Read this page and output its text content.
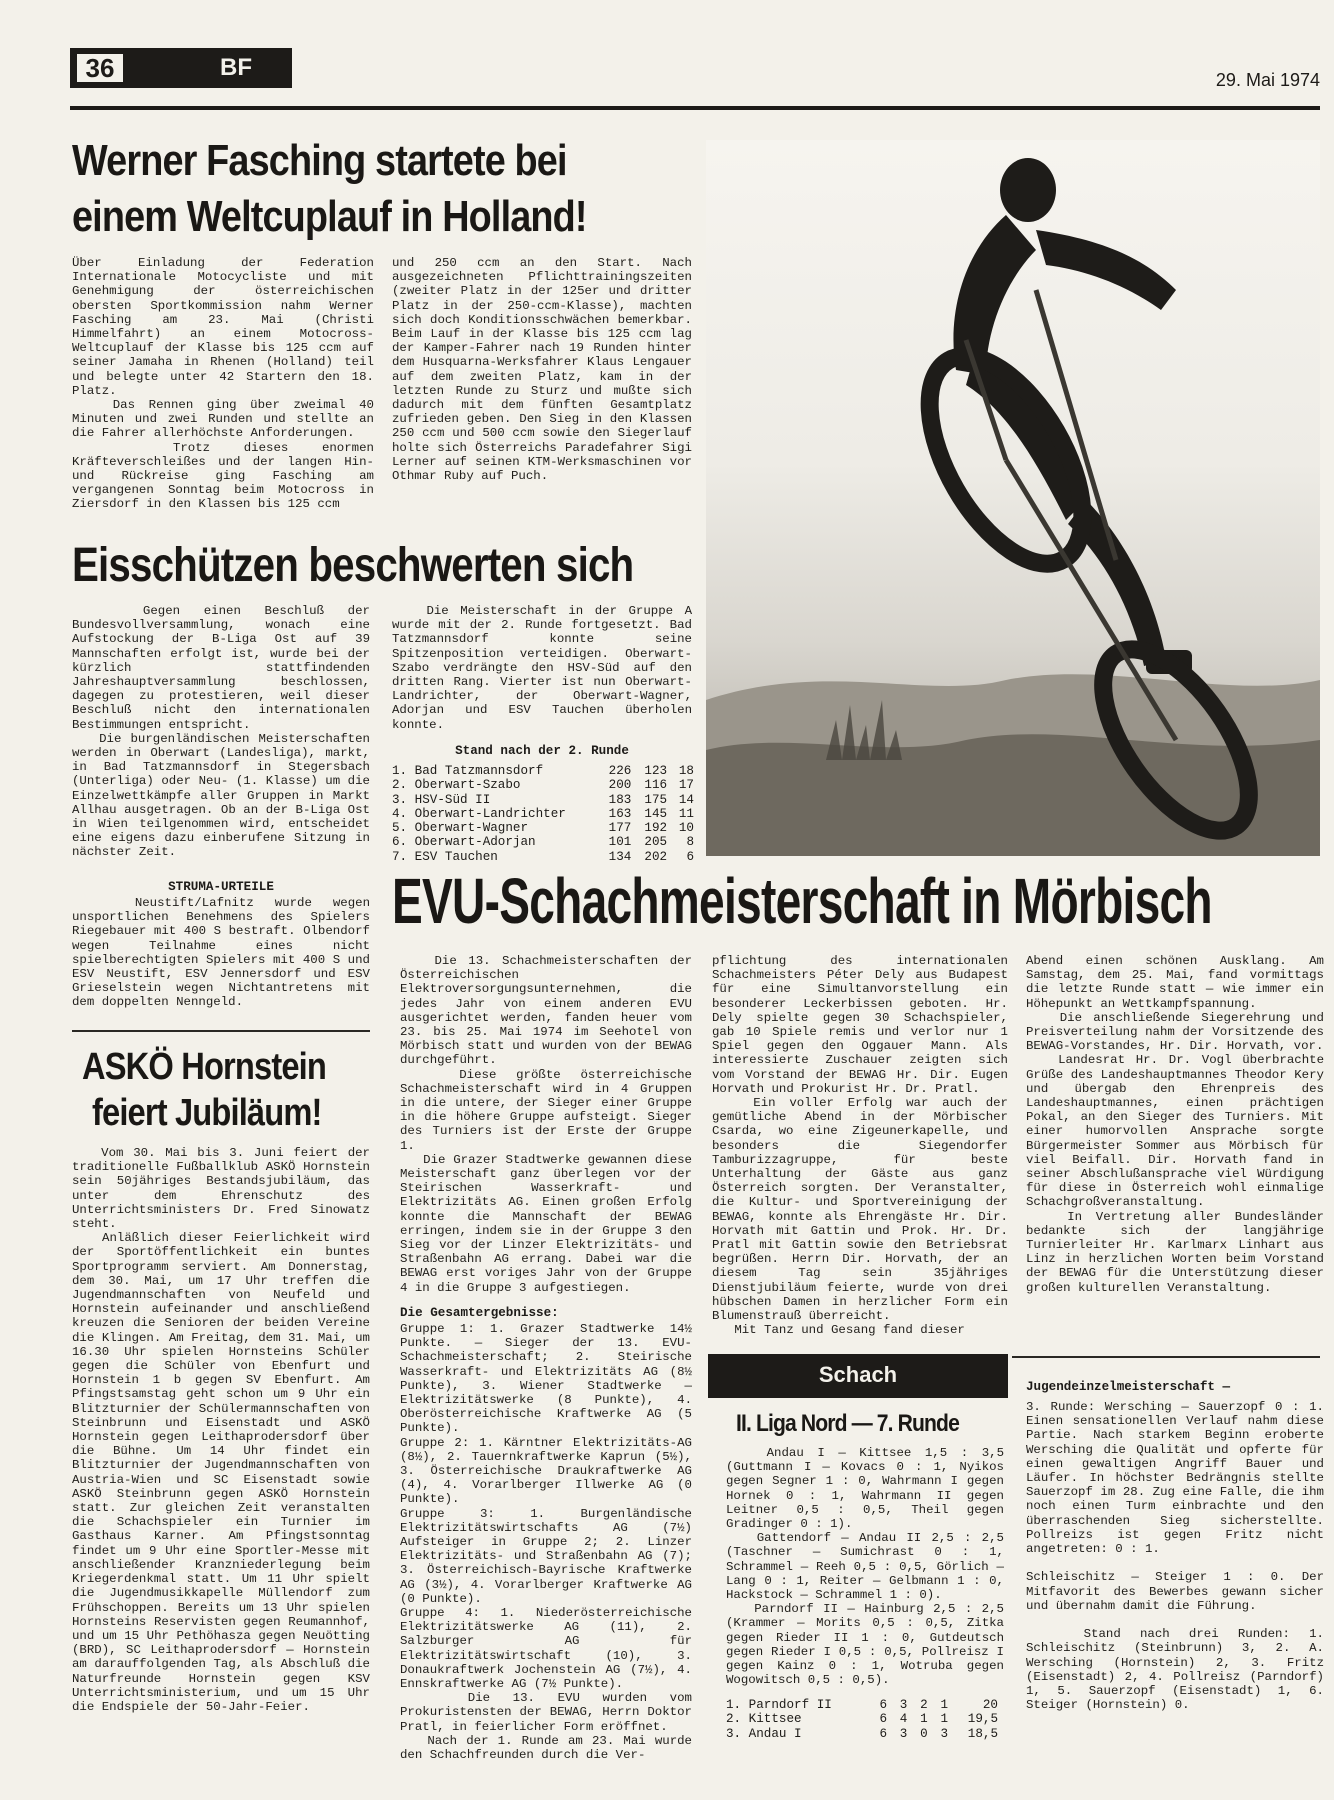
36	BF	29. Mai 1974
Werner Fasching startete bei
einem Weltcuplauf in Holland!
Über Einladung der Federation Internationale Motocycliste und mit Genehmigung der österreichischen obersten Sportkommission nahm Werner Fasching am 23. Mai (Christi Himmelfahrt) an einem Motocross-Weltcuplauf der Klasse bis 125 ccm auf seiner Jamaha in Rhenen (Holland) teil und belegte unter 42 Startern den 18. Platz.
Das Rennen ging über zweimal 40 Minuten und zwei Runden und stellte an die Fahrer allerhöchste Anforderungen.
Trotz dieses enormen Kräfteverschleißes und der langen Hin- und Rückreise ging Fasching am vergangenen Sonntag beim Motocross in Ziersdorf in den Klassen bis 125 ccm
und 250 ccm an den Start. Nach ausgezeichneten Pflichttrainingszeiten (zweiter Platz in der 125er und dritter Platz in der 250-ccm-Klasse), machten sich doch Konditionsschwächen bemerkbar. Beim Lauf in der Klasse bis 125 ccm lag der Kamper-Fahrer nach 19 Runden hinter dem Husquarna-Werksfahrer Klaus Lengauer auf dem zweiten Platz, kam in der letzten Runde zu Sturz und mußte sich dadurch mit dem fünften Gesamtplatz zufrieden geben. Den Sieg in den Klassen 250 ccm und 500 ccm sowie den Siegerlauf holte sich Österreichs Paradefahrer Sigi Lerner auf seinen KTM-Werksmaschinen vor Othmar Ruby auf Puch.
Eisschützen beschwerten sich
Gegen einen Beschluß der Bundesvollversammlung, wonach eine Aufstockung der B-Liga Ost auf 39 Mannschaften erfolgt ist, wurde bei der kürzlich stattfindenden Jahreshauptversammlung beschlossen, dagegen zu protestieren, weil dieser Beschluß nicht den internationalen Bestimmungen entspricht.
Die burgenländischen Meisterschaften werden in Oberwart (Landesliga), markt, in Bad Tatzmannsdorf in Stegersbach (Unterliga) oder Neu- (1. Klasse) um die Einzelwettkämpfe aller Gruppen in Markt Allhau ausgetragen. Ob an der B-Liga Ost in Wien teilgenommen wird, entscheidet eine eigens dazu einberufene Sitzung in nächster Zeit.
STRUMA-URTEILE
Neustift/Lafnitz wurde wegen unsportlichen Benehmens des Spielers Riegebauer mit 400 S bestraft. Olbendorf wegen Teilnahme eines nicht spielberechtigten Spielers mit 400 S und ESV Neustift, ESV Jennersdorf und ESV Grieselstein wegen Nichtantretens mit dem doppelten Nenngeld.
Die Meisterschaft in der Gruppe A wurde mit der 2. Runde fortgesetzt. Bad Tatzmannsdorf konnte seine Spitzenposition verteidigen. Oberwart-Szabo verdrängte den HSV-Süd auf den dritten Rang. Vierter ist nun Oberwart-Landrichter, der Oberwart-Wagner, Adorjan und ESV Tauchen überholen konnte.
Stand nach der 2. Runde
1. Bad Tatzmannsdorf	226	123	18
2. Oberwart-Szabo	200	116	17
3. HSV-Süd II	183	175	14
4. Oberwart-Landrichter	163	145	11
5. Oberwart-Wagner	177	192	10
6. Oberwart-Adorjan	101	205	8
7. ESV Tauchen	134	202	6
ASKÖ Hornstein
feiert Jubiläum!
Vom 30. Mai bis 3. Juni feiert der traditionelle Fußballklub ASKÖ Hornstein sein 50jähriges Bestandsjubiläum, das unter dem Ehrenschutz des Unterrichtsministers Dr. Fred Sinowatz steht.
Anläßlich dieser Feierlichkeit wird der Sportöffentlichkeit ein buntes Sportprogramm serviert. Am Donnerstag, dem 30. Mai, um 17 Uhr treffen die Jugendmannschaften von Neufeld und Hornstein aufeinander und anschließend kreuzen die Senioren der beiden Vereine die Klingen. Am Freitag, dem 31. Mai, um 16.30 Uhr spielen Hornsteins Schüler gegen die Schüler von Ebenfurt und Hornstein 1 b gegen SV Ebenfurt. Am Pfingstsamstag geht schon um 9 Uhr ein Blitzturnier der Schülermannschaften von Steinbrunn und Eisenstadt und ASKÖ Hornstein gegen Leithaprodersdorf über die Bühne. Um 14 Uhr findet ein Blitzturnier der Jugendmannschaften von Austria-Wien und SC Eisenstadt sowie ASKÖ Steinbrunn gegen ASKÖ Hornstein statt. Zur gleichen Zeit veranstalten die Schachspieler ein Turnier im Gasthaus Karner. Am Pfingstsonntag findet um 9 Uhr eine Sportler-Messe mit anschließender Kranzniederlegung beim Kriegerdenkmal statt. Um 11 Uhr spielt die Jugendmusikkapelle Müllendorf zum Frühschoppen. Bereits um 13 Uhr spielen Hornsteins Reservisten gegen Reumannhof, und um 15 Uhr Pethöhasza gegen Neuötting (BRD), SC Leithaprodersdorf — Hornstein am darauffolgenden Tag, als Abschluß die Naturfreunde Hornstein gegen KSV Unterrichtsministerium, und um 15 Uhr die Endspiele der 50-Jahr-Feier.
EVU-Schachmeisterschaft in Mörbisch
Die 13. Schachmeisterschaften der Österreichischen Elektroversorgungsunternehmen, die jedes Jahr von einem anderen EVU ausgerichtet werden, fanden heuer vom 23. bis 25. Mai 1974 im Seehotel von Mörbisch statt und wurden von der BEWAG durchgeführt.
Diese größte österreichische Schachmeisterschaft wird in 4 Gruppen in die untere, der Sieger einer Gruppe in die höhere Gruppe aufsteigt. Sieger des Turniers ist der Erste der Gruppe 1.
Die Grazer Stadtwerke gewannen diese Meisterschaft ganz überlegen vor der Steirischen Wasserkraft- und Elektrizitäts AG. Einen großen Erfolg konnte die Mannschaft der BEWAG erringen, indem sie in der Gruppe 3 den Sieg vor der Linzer Elektrizitäts- und Straßenbahn AG errang. Dabei war die BEWAG erst voriges Jahr von der Gruppe 4 in die Gruppe 3 aufgestiegen.
Die Gesamtergebnisse:
Gruppe 1: 1. Grazer Stadtwerke 14½ Punkte. — Sieger der 13. EVU-Schachmeisterschaft; 2. Steirische Wasserkraft- und Elektrizitäts AG (8½ Punkte), 3. Wiener Stadtwerke — Elektrizitätswerke (8 Punkte), 4. Oberösterreichische Kraftwerke AG (5 Punkte).
Gruppe 2: 1. Kärntner Elektrizitäts-AG (8½), 2. Tauernkraftwerke Kaprun (5½), 3. Österreichische Draukraftwerke AG (4), 4. Vorarlberger Illwerke AG (0 Punkte).
Gruppe 3: 1. Burgenländische Elektrizitätswirtschafts AG (7½) Aufsteiger in Gruppe 2; 2. Linzer Elektrizitäts- und Straßenbahn AG (7); 3. Österreichisch-Bayrische Kraftwerke AG (3½), 4. Vorarlberger Kraftwerke AG (0 Punkte).
Gruppe 4: 1. Niederösterreichische Elektrizitätswerke AG (11), 2. Salzburger AG für Elektrizitätswirtschaft (10), 3. Donaukraftwerk Jochenstein AG (7½), 4. Ennskraftwerke AG (7½ Punkte).
Die 13. EVU wurden vom Prokuristensten der BEWAG, Herrn Doktor Pratl, in feierlicher Form eröffnet.
Nach der 1. Runde am 23. Mai wurde den Schachfreunden durch die Ver-
pflichtung des internationalen Schachmeisters Péter Dely aus Budapest für eine Simultanvorstellung ein besonderer Leckerbissen geboten. Hr. Dely spielte gegen 30 Schachspieler, gab 10 Spiele remis und verlor nur 1 Spiel gegen den Oggauer Mann. Als interessierte Zuschauer zeigten sich vom Vorstand der BEWAG Hr. Dir. Eugen Horvath und Prokurist Hr. Dr. Pratl.
Ein voller Erfolg war auch der gemütliche Abend in der Mörbischer Csarda, wo eine Zigeunerkapelle, und besonders die Siegendorfer Tamburizzagruppe, für beste Unterhaltung der Gäste aus ganz Österreich sorgten. Der Veranstalter, die Kultur- und Sportvereinigung der BEWAG, konnte als Ehrengäste Hr. Dir. Horvath mit Gattin und Prok. Hr. Dr. Pratl mit Gattin sowie den Betriebsrat begrüßen. Herrn Dir. Horvath, der an diesem Tag sein 35jähriges Dienstjubiläum feierte, wurde von drei hübschen Damen in herzlicher Form ein Blumenstrauß überreicht.
Mit Tanz und Gesang fand dieser
Abend einen schönen Ausklang. Am Samstag, dem 25. Mai, fand vormittags die letzte Runde statt — wie immer ein Höhepunkt an Wettkampfspannung.
Die anschließende Siegerehrung und Preisverteilung nahm der Vorsitzende des BEWAG-Vorstandes, Hr. Dir. Horvath, vor.
Landesrat Hr. Dr. Vogl überbrachte Grüße des Landeshauptmannes Theodor Kery und übergab den Ehrenpreis des Landeshauptmannes, einen prächtigen Pokal, an den Sieger des Turniers. Mit einer humorvollen Ansprache sorgte Bürgermeister Sommer aus Mörbisch für viel Beifall. Dir. Horvath fand in seiner Abschlußansprache viel Würdigung für diese in Österreich wohl einmalige Schachgroßveranstaltung.
In Vertretung aller Bundesländer bedankte sich der langjährige Turnierleiter Hr. Karlmarx Linhart aus Linz in herzlichen Worten beim Vorstand der BEWAG für die Unterstützung dieser großen kulturellen Veranstaltung.
Schach
II. Liga Nord — 7. Runde
Andau I — Kittsee 1,5 : 3,5 (Guttmann I — Kovacs 0 : 1, Nyikos gegen Segner 1 : 0, Wahrmann I gegen Hornek 0 : 1, Wahrmann II gegen Leitner 0,5 : 0,5, Theil gegen Gradinger 0 : 1).
Gattendorf — Andau II 2,5 : 2,5 (Taschner — Sumichrast 0 : 1, Schrammel — Reeh 0,5 : 0,5, Görlich — Lang 0 : 1, Reiter — Gelbmann 1 : 0, Hackstock — Schrammel 1 : 0).
Parndorf II — Hainburg 2,5 : 2,5 (Krammer — Morits 0,5 : 0,5, Zitka gegen Rieder II 1 : 0, Gutdeutsch gegen Rieder I 0,5 : 0,5, Pollreisz I gegen Kainz 0 : 1, Wotruba gegen Wogowitsch 0,5 : 0,5).
1. Parndorf II	6	3	2	1	20
2. Kittsee	6	4	1	1	19,5
3. Andau I	6	3	0	3	18,5
Jugendeinzelmeisterschaft —
3. Runde: Wersching — Sauerzopf 0 : 1. Einen sensationellen Verlauf nahm diese Partie. Nach starkem Beginn eroberte Wersching die Qualität und opferte für einen gewaltigen Angriff Bauer und Läufer. In höchster Bedrängnis stellte Sauerzopf im 28. Zug eine Falle, die ihm noch einen Turm einbrachte und den überraschenden Sieg sicherstellte. Pollreizs ist gegen Fritz nicht angetreten: 0 : 1.

Schleischitz — Steiger 1 : 0. Der Mitfavorit des Bewerbes gewann sicher und übernahm damit die Führung.

Stand nach drei Runden: 1. Schleischitz (Steinbrunn) 3, 2. A. Wersching (Hornstein) 2, 3. Fritz (Eisenstadt) 2, 4. Pollreisz (Parndorf) 1, 5. Sauerzopf (Eisenstadt) 1, 6. Steiger (Hornstein) 0.
